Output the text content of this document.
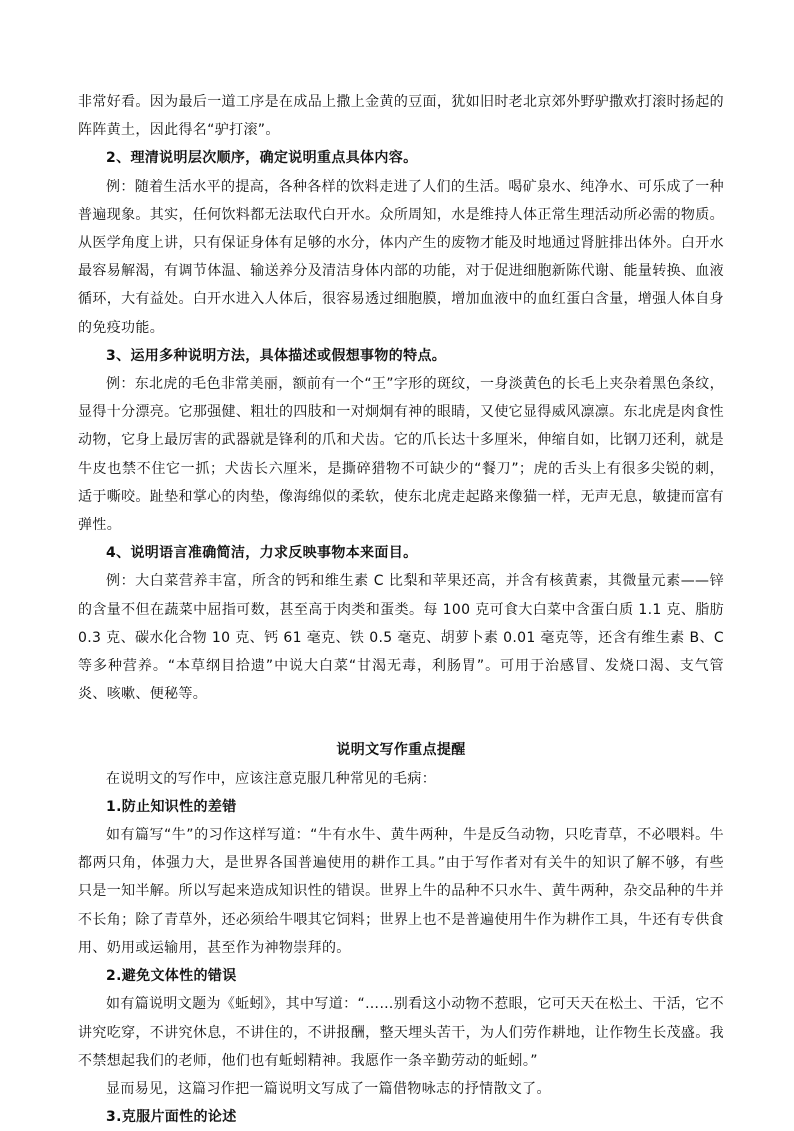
非常好看。因为最后一道工序是在成品上撒上金黄的豆面，犹如旧时老北京郊外野驴撒欢打滚时扬起的阵阵黄土，因此得名“驴打滚”。

2、理清说明层次顺序，确定说明重点具体内容。

例：随着生活水平的提高，各种各样的饮料走进了人们的生活。喝矿泉水、纯净水、可乐成了一种普遍现象。其实，任何饮料都无法取代白开水。众所周知，水是维持人体正常生理活动所必需的物质。从医学角度上讲，只有保证身体有足够的水分，体内产生的废物才能及时地通过肾脏排出体外。白开水最容易解渴，有调节体温、输送养分及清洁身体内部的功能，对于促进细胞新陈代谢、能量转换、血液循环，大有益处。白开水进入人体后，很容易透过细胞膜，增加血液中的血红蛋白含量，增强人体自身的免疫功能。

3、运用多种说明方法，具体描述或假想事物的特点。

例：东北虎的毛色非常美丽，额前有一个“王”字形的斑纹，一身淡黄色的长毛上夹杂着黑色条纹，显得十分漂亮。它那强健、粗壮的四肢和一对炯炯有神的眼睛，又使它显得威风凛凛。东北虎是肉食性动物，它身上最厉害的武器就是锋利的爪和犬齿。它的爪长达十多厘米，伸缩自如，比钢刀还利，就是牛皮也禁不住它一抓；犬齿长六厘米，是撕碎猎物不可缺少的“餐刀”；虎的舌头上有很多尖锐的刺，适于嘶咬。趾垫和掌心的肉垫，像海绵似的柔软，使东北虎走起路来像猫一样，无声无息，敏捷而富有弹性。

4、说明语言准确简洁，力求反映事物本来面目。

例：大白菜营养丰富，所含的钙和维生素 C 比梨和苹果还高，并含有核黄素，其微量元素——锌的含量不但在蔬菜中屈指可数，甚至高于肉类和蛋类。每 100 克可食大白菜中含蛋白质 1.1 克、脂肪 0.3 克、碳水化合物 10 克、钙 61 毫克、铁 0.5 毫克、胡萝卜素 0.01 毫克等，还含有维生素 B、C 等多种营养。“本草纲目拾遗”中说大白菜“甘渴无毒，利肠胃”。可用于治感冒、发烧口渴、支气管炎、咳嗽、便秘等。

说明文写作重点提醒

在说明文的写作中，应该注意克服几种常见的毛病：

1.防止知识性的差错

如有篇写“牛”的习作这样写道：“牛有水牛、黄牛两种，牛是反刍动物，只吃青草，不必喂料。牛都两只角，体强力大，是世界各国普遍使用的耕作工具。”由于写作者对有关牛的知识了解不够，有些只是一知半解。所以写起来造成知识性的错误。世界上牛的品种不只水牛、黄牛两种，杂交品种的牛并不长角；除了青草外，还必须给牛喂其它饲料；世界上也不是普遍使用牛作为耕作工具，牛还有专供食用、奶用或运输用，甚至作为神物崇拜的。

2.避免文体性的错误

如有篇说明文题为《蚯蚓》，其中写道：“……别看这小动物不惹眼，它可天天在松土、干活，它不讲究吃穿，不讲究休息，不讲住的，不讲报酬，整天埋头苦干，为人们劳作耕地，让作物生长茂盛。我不禁想起我们的老师，他们也有蚯蚓精神。我愿作一条辛勤劳动的蚯蚓。”

显而易见，这篇习作把一篇说明文写成了一篇借物咏志的抒情散文了。

3.克服片面性的论述
